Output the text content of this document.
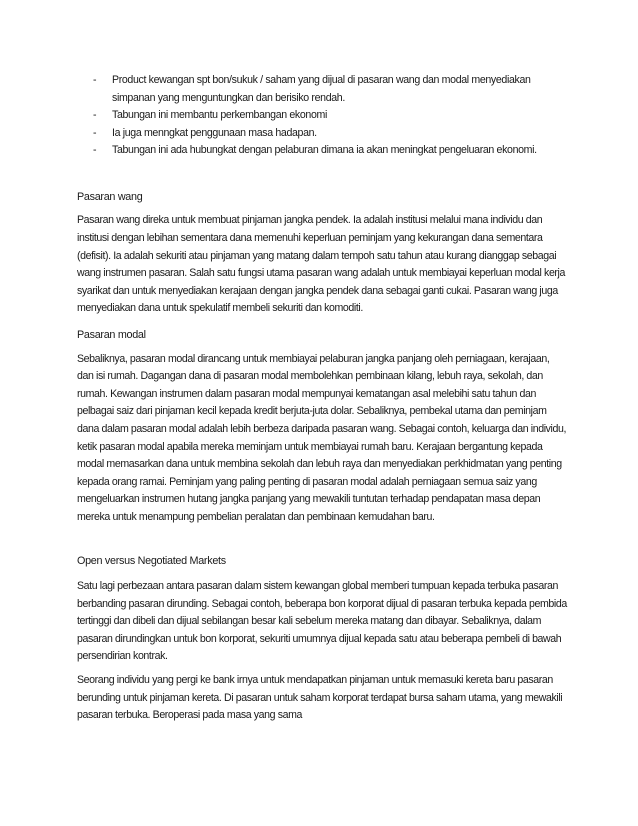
- Product kewangan spt bon/sukuk / saham yang dijual di pasaran wang dan modal menyediakan simpanan yang menguntungkan dan berisiko rendah.
- Tabungan ini membantu perkembangan ekonomi
- Ia juga menngkat penggunaan masa hadapan.
- Tabungan ini ada hubungkat dengan pelaburan dimana ia akan meningkat pengeluaran ekonomi.

Pasaran wang

Pasaran wang direka untuk membuat pinjaman jangka pendek. Ia adalah institusi melalui mana individu dan institusi dengan lebihan sementara dana memenuhi keperluan peminjam yang kekurangan dana sementara (defisit). Ia adalah sekuriti atau pinjaman yang matang dalam tempoh satu tahun atau kurang dianggap sebagai wang instrumen pasaran. Salah satu fungsi utama pasaran wang adalah untuk membiayai keperluan modal kerja syarikat dan untuk menyediakan kerajaan dengan jangka pendek dana sebagai ganti cukai. Pasaran wang juga menyediakan dana untuk spekulatif membeli sekuriti dan komoditi.

Pasaran modal

Sebaliknya, pasaran modal dirancang untuk membiayai pelaburan jangka panjang oleh perniagaan, kerajaan, dan isi rumah. Dagangan dana di pasaran modal membolehkan pembinaan kilang, lebuh raya, sekolah, dan rumah. Kewangan instrumen dalam pasaran modal mempunyai kematangan asal melebihi satu tahun dan pelbagai saiz dari pinjaman kecil kepada kredit berjuta-juta dolar. Sebaliknya, pembekal utama dan peminjam dana dalam pasaran modal adalah lebih berbeza daripada pasaran wang. Sebagai contoh, keluarga dan individu, ketik pasaran modal apabila mereka meminjam untuk membiayai rumah baru. Kerajaan bergantung kepada modal memasarkan dana untuk membina sekolah dan lebuh raya dan menyediakan perkhidmatan yang penting kepada orang ramai. Peminjam yang paling penting di pasaran modal adalah perniagaan semua saiz yang mengeluarkan instrumen hutang jangka panjang yang mewakili tuntutan terhadap pendapatan masa depan mereka untuk menampung pembelian peralatan dan pembinaan kemudahan baru.

Open versus Negotiated Markets

Satu lagi perbezaan antara pasaran dalam sistem kewangan global memberi tumpuan kepada terbuka pasaran berbanding pasaran dirunding. Sebagai contoh, beberapa bon korporat dijual di pasaran terbuka kepada pembida tertinggi dan dibeli dan dijual sebilangan besar kali sebelum mereka matang dan dibayar. Sebaliknya, dalam pasaran dirundingkan untuk bon korporat, sekuriti umumnya dijual kepada satu atau beberapa pembeli di bawah persendirian kontrak.

Seorang individu yang pergi ke bank irnya untuk mendapatkan pinjaman untuk memasuki kereta baru pasaran berunding untuk pinjaman kereta. Di pasaran untuk saham korporat terdapat bursa saham utama, yang mewakili pasaran terbuka. Beroperasi pada masa yang sama
